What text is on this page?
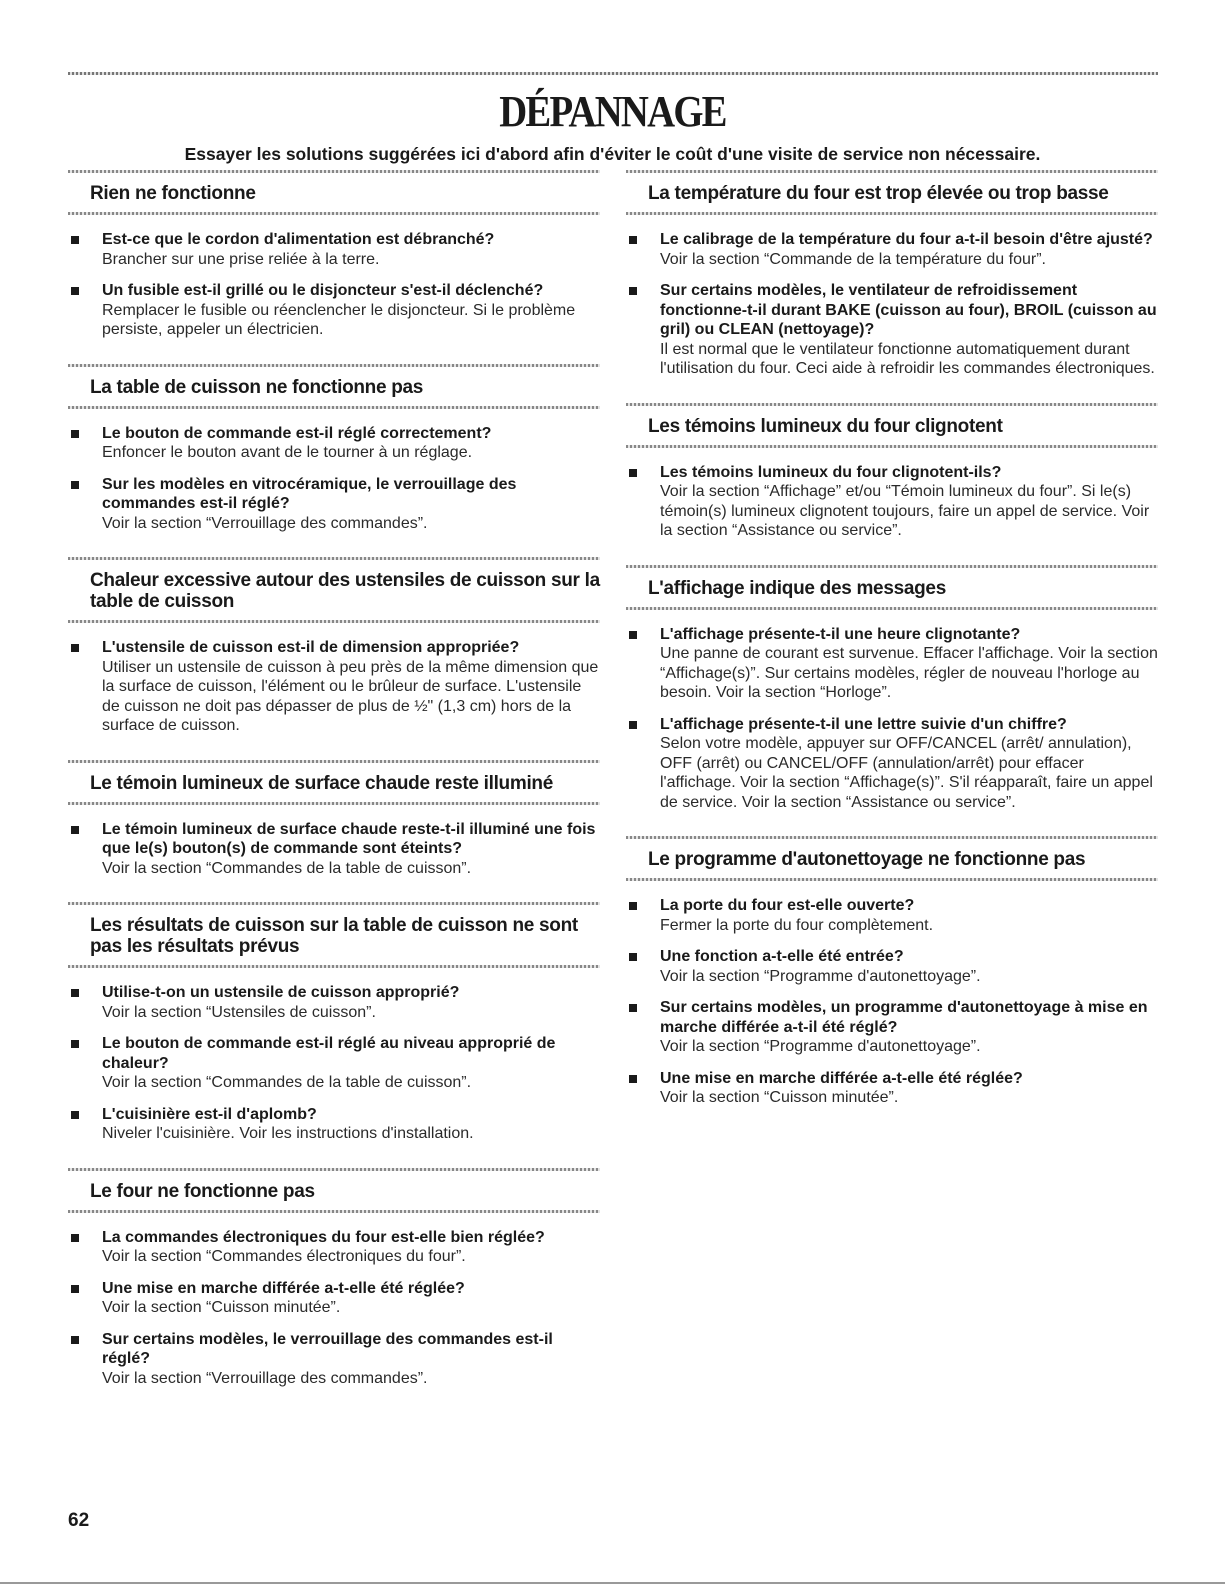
DÉPANNAGE
Essayer les solutions suggérées ici d'abord afin d'éviter le coût d'une visite de service non nécessaire.
Rien ne fonctionne
Est-ce que le cordon d'alimentation est débranché?
Brancher sur une prise reliée à la terre.
Un fusible est-il grillé ou le disjoncteur s'est-il déclenché?
Remplacer le fusible ou réenclencher le disjoncteur. Si le problème persiste, appeler un électricien.
La table de cuisson ne fonctionne pas
Le bouton de commande est-il réglé correctement?
Enfoncer le bouton avant de le tourner à un réglage.
Sur les modèles en vitrocéramique, le verrouillage des commandes est-il réglé?
Voir la section “Verrouillage des commandes”.
Chaleur excessive autour des ustensiles de cuisson sur la table de cuisson
L'ustensile de cuisson est-il de dimension appropriée?
Utiliser un ustensile de cuisson à peu près de la même dimension que la surface de cuisson, l'élément ou le brûleur de surface. L'ustensile de cuisson ne doit pas dépasser de plus de ½" (1,3 cm) hors de la surface de cuisson.
Le témoin lumineux de surface chaude reste illuminé
Le témoin lumineux de surface chaude reste-t-il illuminé une fois que le(s) bouton(s) de commande sont éteints?
Voir la section “Commandes de la table de cuisson”.
Les résultats de cuisson sur la table de cuisson ne sont pas les résultats prévus
Utilise-t-on un ustensile de cuisson approprié?
Voir la section “Ustensiles de cuisson”.
Le bouton de commande est-il réglé au niveau approprié de chaleur?
Voir la section “Commandes de la table de cuisson”.
L'cuisinière est-il d'aplomb?
Niveler l'cuisinière. Voir les instructions d'installation.
Le four ne fonctionne pas
La commandes électroniques du four est-elle bien réglée?
Voir la section “Commandes électroniques du four”.
Une mise en marche différée a-t-elle été réglée?
Voir la section “Cuisson minutée”.
Sur certains modèles, le verrouillage des commandes est-il réglé?
Voir la section “Verrouillage des commandes”.
La température du four est trop élevée ou trop basse
Le calibrage de la température du four a-t-il besoin d'être ajusté?
Voir la section “Commande de la température du four”.
Sur certains modèles, le ventilateur de refroidissement fonctionne-t-il durant BAKE (cuisson au four), BROIL (cuisson au gril) ou CLEAN (nettoyage)?
Il est normal que le ventilateur fonctionne automatiquement durant l'utilisation du four. Ceci aide à refroidir les commandes électroniques.
Les témoins lumineux du four clignotent
Les témoins lumineux du four clignotent-ils?
Voir la section “Affichage” et/ou “Témoin lumineux du four”. Si le(s) témoin(s) lumineux clignotent toujours, faire un appel de service. Voir la section “Assistance ou service”.
L'affichage indique des messages
L'affichage présente-t-il une heure clignotante?
Une panne de courant est survenue. Effacer l'affichage. Voir la section “Affichage(s)”. Sur certains modèles, régler de nouveau l'horloge au besoin. Voir la section “Horloge”.
L'affichage présente-t-il une lettre suivie d'un chiffre?
Selon votre modèle, appuyer sur OFF/CANCEL (arrêt/ annulation), OFF (arrêt) ou CANCEL/OFF (annulation/arrêt) pour effacer l'affichage. Voir la section “Affichage(s)”. S'il réapparaît, faire un appel de service. Voir la section “Assistance ou service”.
Le programme d'autonettoyage ne fonctionne pas
La porte du four est-elle ouverte?
Fermer la porte du four complètement.
Une fonction a-t-elle été entrée?
Voir la section “Programme d'autonettoyage”.
Sur certains modèles, un programme d'autonettoyage à mise en marche différée a-t-il été réglé?
Voir la section “Programme d'autonettoyage”.
Une mise en marche différée a-t-elle été réglée?
Voir la section “Cuisson minutée”.
62
